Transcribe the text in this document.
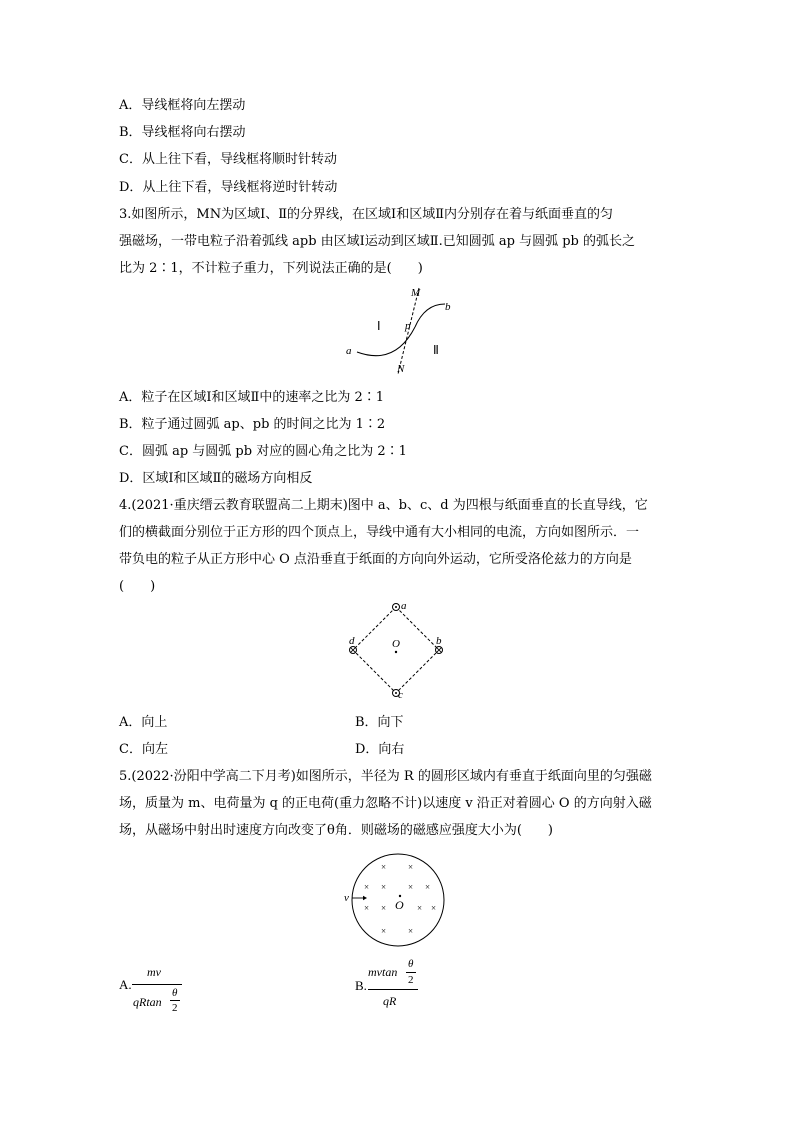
A．导线框将向左摆动
B．导线框将向右摆动
C．从上往下看，导线框将顺时针转动
D．从上往下看，导线框将逆时针转动
3.如图所示，MN为区域Ⅰ、Ⅱ的分界线，在区域Ⅰ和区域Ⅱ内分别存在着与纸面垂直的匀
强磁场，一带电粒子沿着弧线 apb 由区域Ⅰ运动到区域Ⅱ.已知圆弧 ap 与圆弧 pb 的弧长之
比为 2∶1，不计粒子重力，下列说法正确的是(　　)
M
N
p
a
b
Ⅰ
Ⅱ
A．粒子在区域Ⅰ和区域Ⅱ中的速率之比为 2∶1
B．粒子通过圆弧 ap、pb 的时间之比为 1∶2
C．圆弧 ap 与圆弧 pb 对应的圆心角之比为 2∶1
D．区域Ⅰ和区域Ⅱ的磁场方向相反
4.(2021·重庆缙云教育联盟高二上期末)图中 a、b、c、d 为四根与纸面垂直的长直导线，它
们的横截面分别位于正方形的四个顶点上，导线中通有大小相同的电流，方向如图所示．一
带负电的粒子从正方形中心 O 点沿垂直于纸面的方向向外运动，它所受洛伦兹力的方向是
(　　)
a
b
c
d	O
A．向上	B．向下
C．向左	D．向右
5.(2022·汾阳中学高二下月考)如图所示，半径为 R 的圆形区域内有垂直于纸面向里的匀强磁
场，质量为 m、电荷量为 q 的正电荷(重力忽略不计)以速度 v 沿正对着圆心 O 的方向射入磁
场，从磁场中射出时速度方向改变了θ角．则磁场的磁感应强度大小为(　　)
v	O
× ×
× × × ×
× ×	× ×
× ×
A.
mv
qRtan
θ
2
B.
mvtan
θ
2
qR
